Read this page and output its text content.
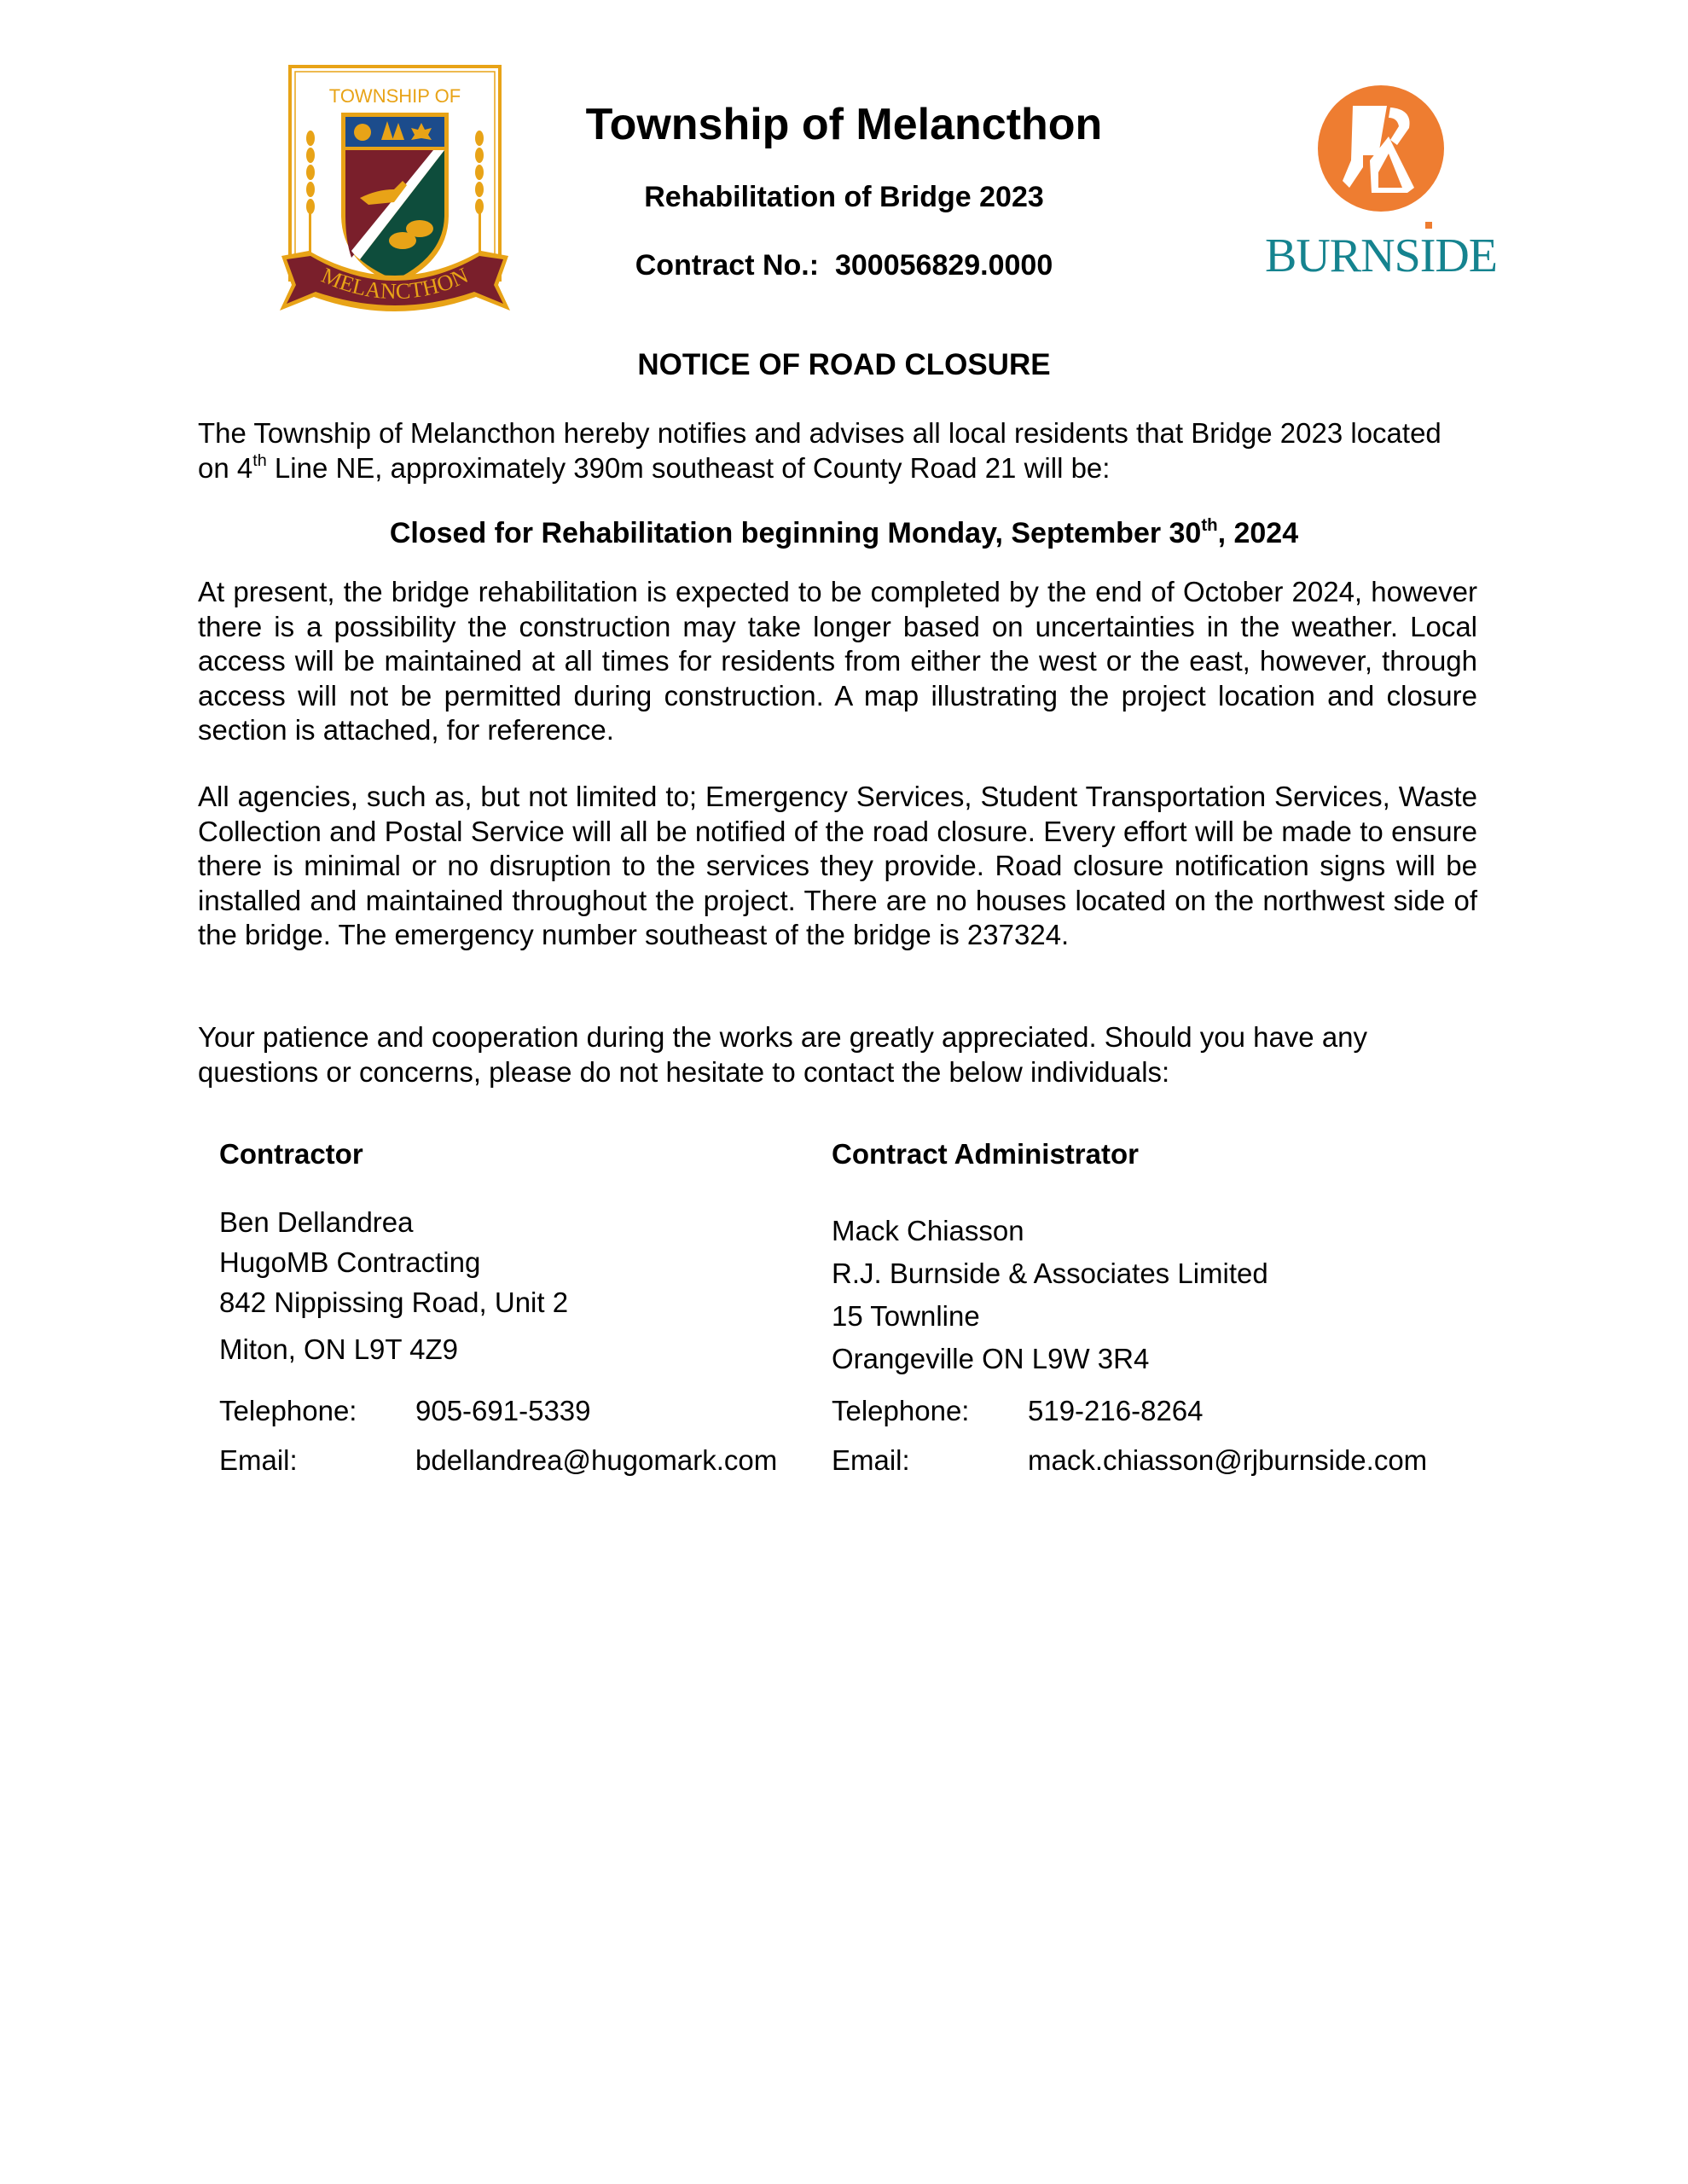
TOWNSHIP OF
MELANCTHON
Township of Melancthon
Rehabilitation of Bridge 2023
Contract No.: 300056829.0000	BURNSIDE
NOTICE OF ROAD CLOSURE
The Township of Melancthon hereby notifies and advises all local residents that Bridge 2023 located on 4th Line NE, approximately 390m southeast of County Road 21 will be:
Closed for Rehabilitation beginning Monday, September 30th, 2024
At present, the bridge rehabilitation is expected to be completed by the end of October 2024, however there is a possibility the construction may take longer based on uncertainties in the weather. Local access will be maintained at all times for residents from either the west or the east, however, through access will not be permitted during construction. A map illustrating the project location and closure section is attached, for reference.
All agencies, such as, but not limited to; Emergency Services, Student Transportation Services, Waste Collection and Postal Service will all be notified of the road closure. Every effort will be made to ensure there is minimal or no disruption to the services they provide. Road closure notification signs will be installed and maintained throughout the project. There are no houses located on the northwest side of the bridge. The emergency number southeast of the bridge is 237324.
Your patience and cooperation during the works are greatly appreciated. Should you have any questions or concerns, please do not hesitate to contact the below individuals:
Contractor
Ben Dellandrea
HugoMB Contracting
842 Nippissing Road, Unit 2
Miton, ON L9T 4Z9
Telephone: 905-691-5339
Email:	bdellandrea@hugomark.com
Contract Administrator
Mack Chiasson
R.J. Burnside & Associates Limited
15 Townline
Orangeville ON L9W 3R4
Telephone: 519-216-8264
Email:	mack.chiasson@rjburnside.com
